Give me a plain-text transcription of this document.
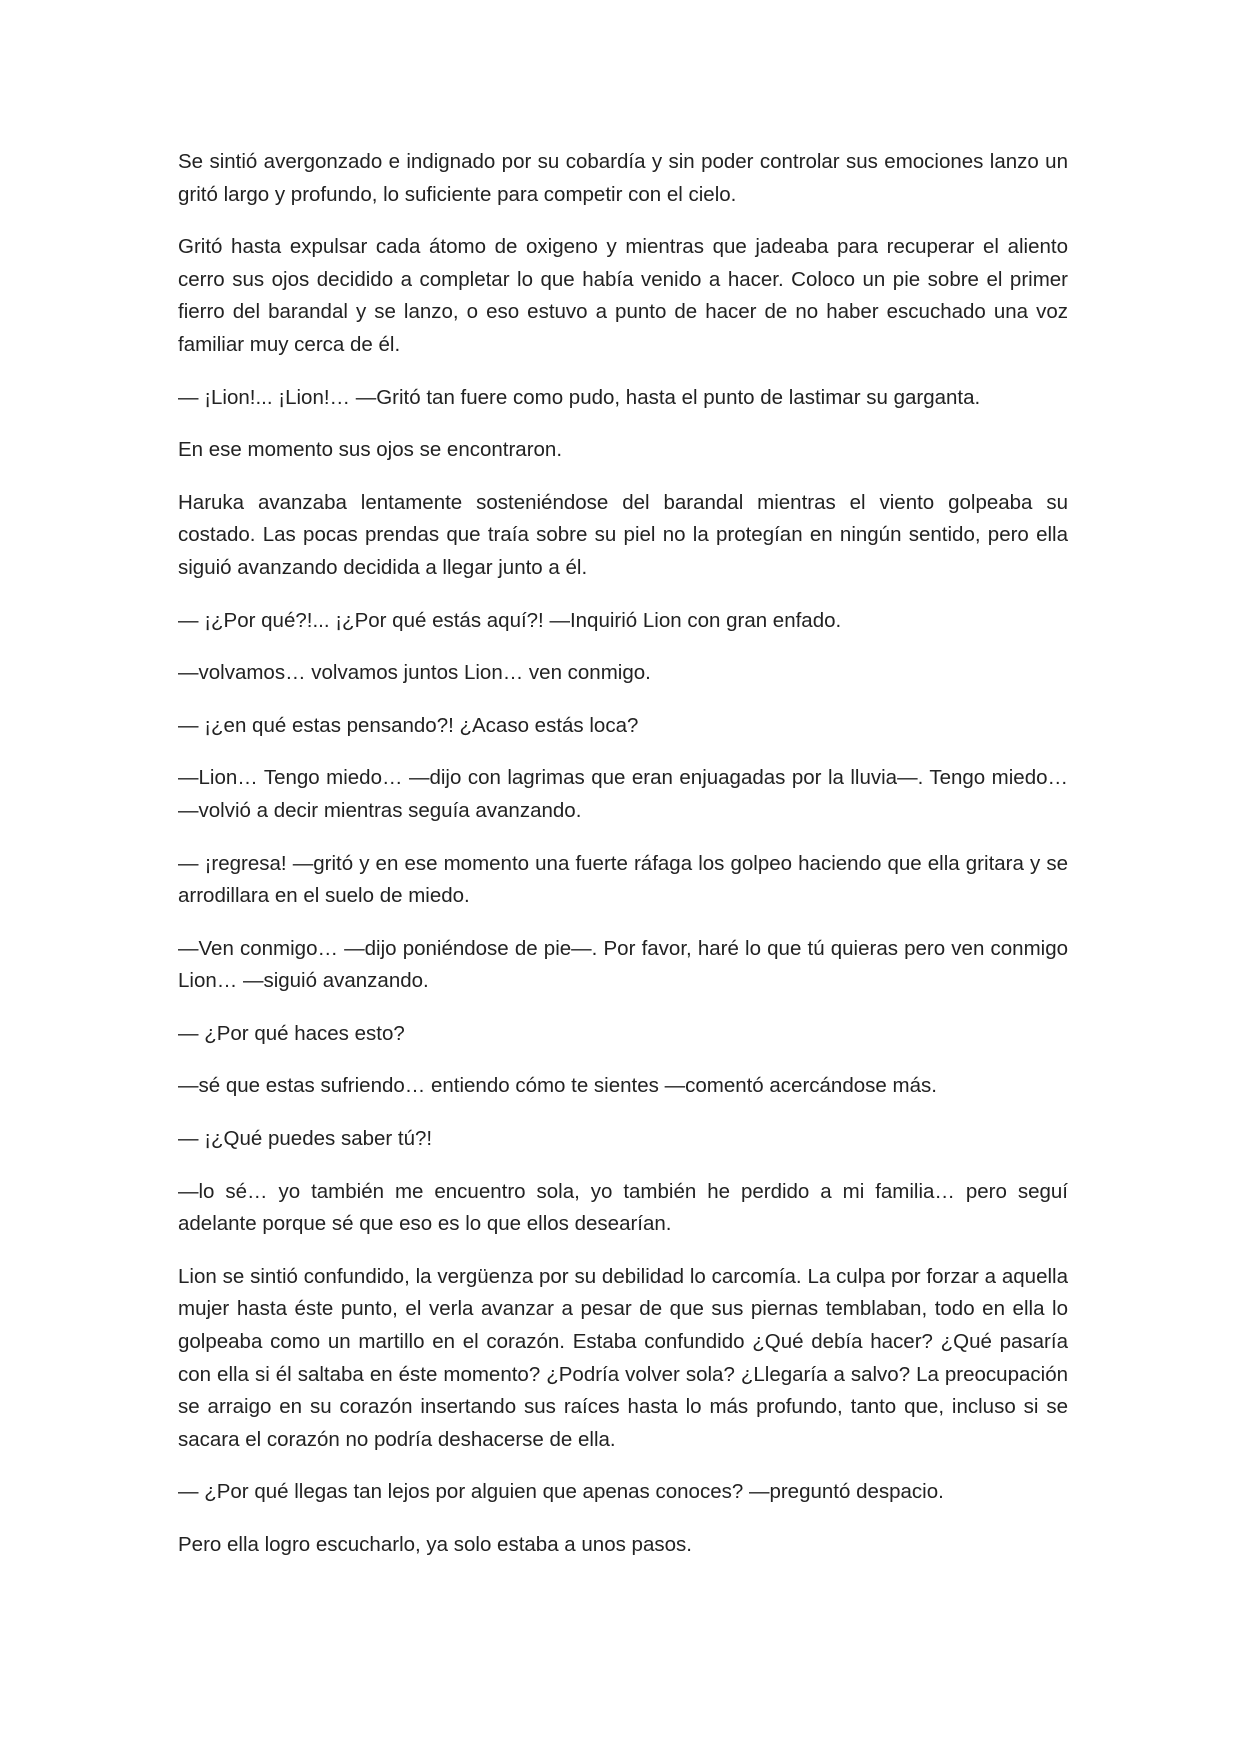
Se sintió avergonzado e indignado por su cobardía y sin poder controlar sus emociones lanzo un gritó largo y profundo, lo suficiente para competir con el cielo.

Gritó hasta expulsar cada átomo de oxigeno y mientras que jadeaba para recuperar el aliento cerro sus ojos decidido a completar lo que había venido a hacer. Coloco un pie sobre el primer fierro del barandal y se lanzo, o eso estuvo a punto de hacer de no haber escuchado una voz familiar muy cerca de él.

— ¡Lion!... ¡Lion!… —Gritó tan fuere como pudo, hasta el punto de lastimar su garganta.

En ese momento sus ojos se encontraron.

Haruka avanzaba lentamente sosteniéndose del barandal mientras el viento golpeaba su costado. Las pocas prendas que traía sobre su piel no la protegían en ningún sentido, pero ella siguió avanzando decidida a llegar junto a él.

— ¡¿Por qué?!... ¡¿Por qué estás aquí?! —Inquirió Lion con gran enfado.

—volvamos… volvamos juntos Lion… ven conmigo.

— ¡¿en qué estas pensando?! ¿Acaso estás loca?

—Lion… Tengo miedo… —dijo con lagrimas que eran enjuagadas por la lluvia—. Tengo miedo… —volvió a decir mientras seguía avanzando.

— ¡regresa! —gritó y en ese momento una fuerte ráfaga los golpeo haciendo que ella gritara y se arrodillara en el suelo de miedo.

—Ven conmigo… —dijo poniéndose de pie—. Por favor, haré lo que tú quieras pero ven conmigo Lion… —siguió avanzando.

— ¿Por qué haces esto?

—sé que estas sufriendo… entiendo cómo te sientes —comentó acercándose más.

— ¡¿Qué puedes saber tú?!

—lo sé… yo también me encuentro sola, yo también he perdido a mi familia… pero seguí adelante porque sé que eso es lo que ellos desearían.

Lion se sintió confundido, la vergüenza por su debilidad lo carcomía. La culpa por forzar a aquella mujer hasta éste punto, el verla avanzar a pesar de que sus piernas temblaban, todo en ella lo golpeaba como un martillo en el corazón. Estaba confundido ¿Qué debía hacer? ¿Qué pasaría con ella si él saltaba en éste momento? ¿Podría volver sola? ¿Llegaría a salvo? La preocupación se arraigo en su corazón insertando sus raíces hasta lo más profundo, tanto que, incluso si se sacara el corazón no podría deshacerse de ella.

— ¿Por qué llegas tan lejos por alguien que apenas conoces? —preguntó despacio.

Pero ella logro escucharlo, ya solo estaba a unos pasos.
